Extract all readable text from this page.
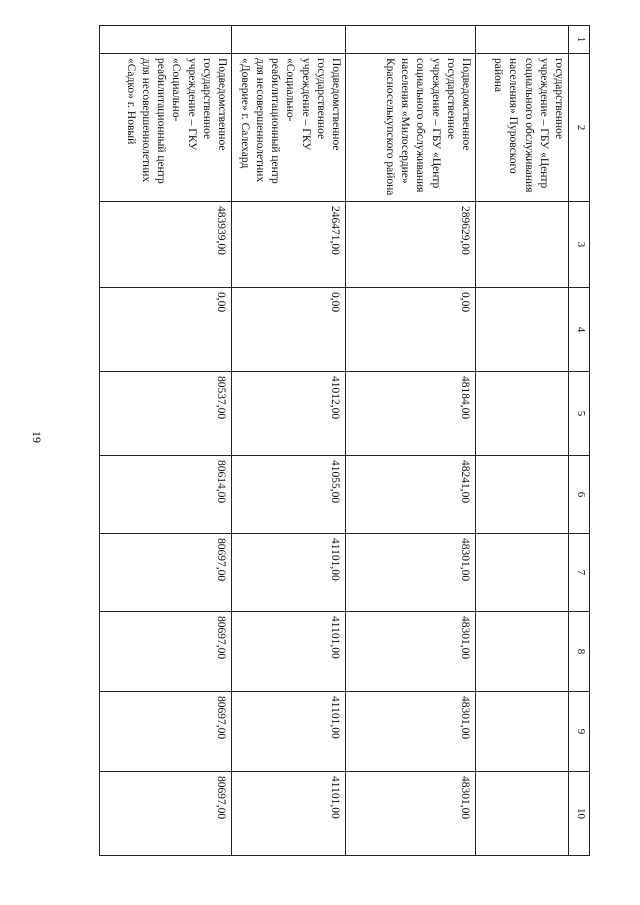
19
1	2	3	4	5	6	7	8	9	10
	государственное учреждение – ГБУ «Центр социального обслуживания населения» Пуровского района								
	Подведомственное государственное учреждение – ГБУ «Центр социального обслуживания населения «Милосердие» Красноселькупского района	289629,00	0,00	48184,00	48241,00	48301,00	48301,00	48301,00	48301,00
	Подведомственное государственное учреждение – ГКУ «Социально-реабилитационный центр для несовершеннолетних «Доверие» г. Салехард	246471,00	0,00	41012,00	41055,00	41101,00	41101,00	41101,00	41101,00
	Подведомственное государственное учреждение – ГКУ «Социально-реабилитационный центр для несовершеннолетних «Садко» г. Новый	483939,00	0,00	80537,00	80614,00	80697,00	80697,00	80697,00	80697,00
